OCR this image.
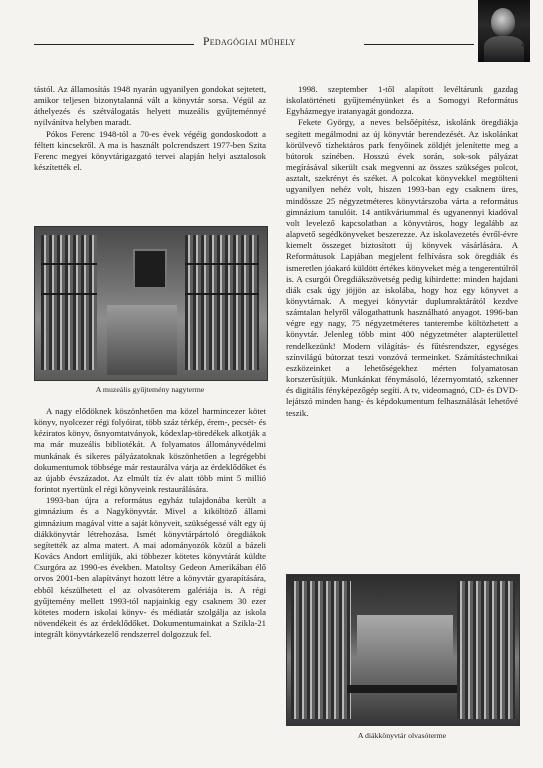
Pedagógiai műhely	9

tástól. Az államosítás 1948 nyarán ugyanilyen gondokat sejtetett, amikor teljesen bizonytalanná vált a könyvtár sorsa. Végül az áthelyezés és szétválogatás helyett muzeális gyűjteménnyé nyilvánítva helyben maradt.

Pókos Ferenc 1948-tól a 70-es évek végéig gondoskodott a féltett kincsekről. A ma is használt polcrendszert 1977-ben Szita Ferenc megyei könyvtárigazgató tervei alapján helyi asztalosok készítették el.

A muzeális gyűjtemény nagyterme

A nagy elődöknek köszönhetően ma közel harmincezer kötet könyv, nyolcezer régi folyóirat, több száz térkép, érem-, pecsét- és kéziratos könyv, ősnyomtatványok, kódexlap-töredékek alkotják a ma már muzeális bibliotékát. A folyamatos állományvédelmi munkának és sikeres pályázatoknak köszönhetően a legrégebbi dokumentumok többsége már restaurálva várja az érdeklődőket és az újabb évszázadot. Az elmúlt tíz év alatt több mint 5 millió forintot nyertünk el régi könyveink restaurálására.

1993-ban újra a református egyház tulajdonába került a gimnázium és a Nagykönyvtár. Mivel a kiköltöző állami gimnázium magával vitte a saját könyveit, szükségessé vált egy új diákkönyvtár létrehozása. Ismét könyvtárpártoló öregdiákok segítették az alma matert. A mai adományozók közül a bázeli Kovács Andort említjük, aki többezer kötetes könyvtárát küldte Csurgóra az 1990-es években. Matoltsy Gedeon Amerikában élő orvos 2001-ben alapítványt hozott létre a könyvtár gyarapítására, ebből készülhetett el az olvasóterem galériája is. A régi gyűjtemény mellett 1993-tól napjainkig egy csaknem 30 ezer kötetes modern iskolai könyv- és médiatár szolgálja az iskola növendékeit és az érdeklődőket. Dokumentumainkat a Szikla-21 integrált könyvtárkezelő rendszerrel dolgozzuk fel.

1998. szeptember 1-től alapított levéltárunk gazdag iskolatörténeti gyűjteményünket és a Somogyi Református Egyházmegye iratanyagát gondozza.

Fekete György, a neves belsőépítész, iskolánk öregdiákja segített megálmodni az új könyvtár berendezését. Az iskolánkat körülvevő tízhektáros park fenyőinek zöldjét jelenítette meg a bútorok színében. Hosszú évek során, sok-sok pályázat megírásával sikerült csak megvenni az összes szükséges polcot, asztalt, szekrényt és széket. A polcokat könyvekkel megtölteni ugyanilyen nehéz volt, hiszen 1993-ban egy csaknem üres, mindössze 25 négyzetméteres könyvtárszoba várta a református gimnázium tanulóit. 14 antikváriummal és ugyanennyi kiadóval volt levelező kapcsolatban a könyvtáros, hogy legalább az alapvető segédkönyveket beszerezze. Az iskolavezetés évről-évre kiemelt összeget biztosított új könyvek vásárlására. A Reformátusok Lapjában megjelent felhívásra sok öregdiák és ismeretlen jóakaró küldött értékes könyveket még a tengerentúlról is. A csurgói Öregdiákszövetség pedig kihirdette: minden hajdani diák csak úgy jöjjön az iskolába, hogy hoz egy könyvet a könyvtárnak. A megyei könyvtár duplumraktárától kezdve számtalan helyről válogathattunk használható anyagot. 1996-ban végre egy nagy, 75 négyzetméteres tanterembe költözhetett a könyvtár. Jelenleg több mint 400 négyzetméter alapterülettel rendelkezünk! Modern világítás- és fűtésrendszer, egységes színvilágú bútorzat teszi vonzóvá termeinket. Számítástechnikai eszközeinket a lehetőségekhez mérten folyamatosan korszerűsítjük. Munkánkat fénymásoló, lézernyomtató, szkenner és digitális fényképezőgép segíti. A tv, videomagnó, CD- és DVD-lejátszó minden hang- és képdokumentum felhasználását lehetővé teszik.

A diákkönyvtár olvasóterme
